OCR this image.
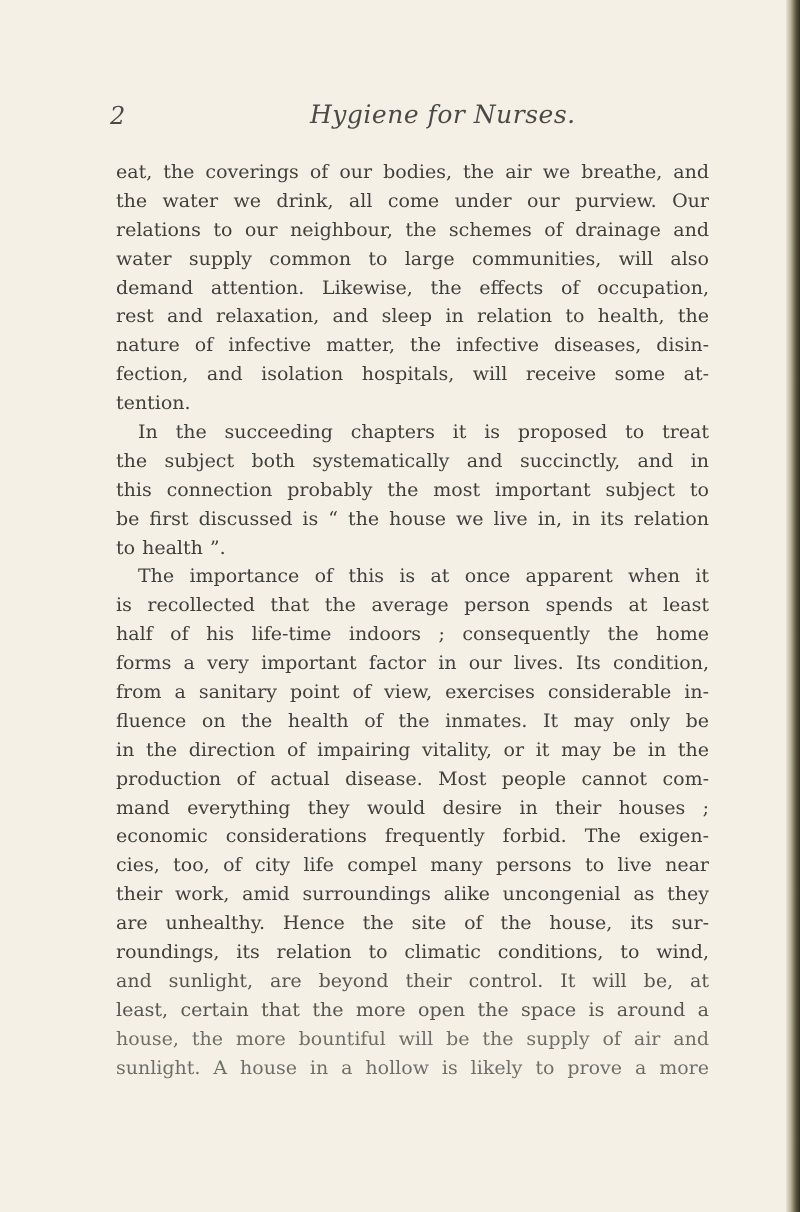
2	Hygiene for Nurses.
eat, the coverings of our bodies, the air we breathe, and
the water we drink, all come under our purview. Our
relations to our neighbour, the schemes of drainage and
water supply common to large communities, will also
demand attention. Likewise, the effects of occupation,
rest and relaxation, and sleep in relation to health, the
nature of infective matter, the infective diseases, disin-
fection, and isolation hospitals, will receive some at-
tention.
In the succeeding chapters it is proposed to treat
the subject both systematically and succinctly, and in
this connection probably the most important subject to
be first discussed is “ the house we live in, in its relation
to health ”.
The importance of this is at once apparent when it
is recollected that the average person spends at least
half of his life-time indoors ; consequently the home
forms a very important factor in our lives. Its condition,
from a sanitary point of view, exercises considerable in-
fluence on the health of the inmates. It may only be
in the direction of impairing vitality, or it may be in the
production of actual disease. Most people cannot com-
mand everything they would desire in their houses ;
economic considerations frequently forbid. The exigen-
cies, too, of city life compel many persons to live near
their work, amid surroundings alike uncongenial as they
are unhealthy. Hence the site of the house, its sur-
roundings, its relation to climatic conditions, to wind,
and sunlight, are beyond their control. It will be, at
least, certain that the more open the space is around a
house, the more bountiful will be the supply of air and
sunlight. A house in a hollow is likely to prove a more
